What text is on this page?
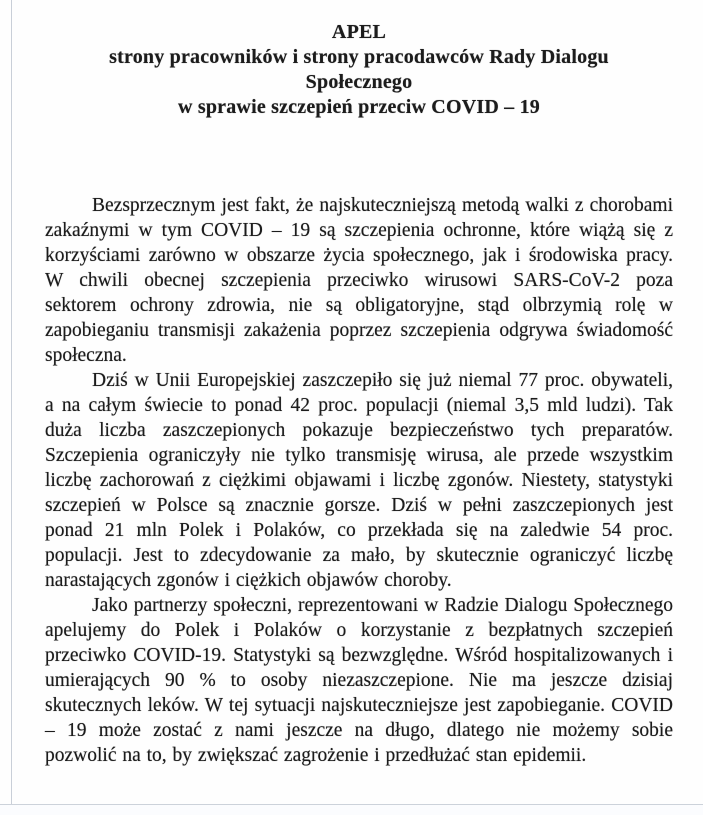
APEL
strony pracowników i strony pracodawców Rady Dialogu
Społecznego
w sprawie szczepień przeciw COVID – 19

Bezsprzecznym jest fakt, że najskuteczniejszą metodą walki z chorobami zakaźnymi w tym COVID – 19 są szczepienia ochronne, które wiążą się z korzyściami zarówno w obszarze życia społecznego, jak i środowiska pracy. W chwili obecnej szczepienia przeciwko wirusowi SARS-CoV-2 poza sektorem ochrony zdrowia, nie są obligatoryjne, stąd olbrzymią rolę w zapobieganiu transmisji zakażenia poprzez szczepienia odgrywa świadomość społeczna.

Dziś w Unii Europejskiej zaszczepiło się już niemal 77 proc. obywateli, a na całym świecie to ponad 42 proc. populacji (niemal 3,5 mld ludzi). Tak duża liczba zaszczepionych pokazuje bezpieczeństwo tych preparatów. Szczepienia ograniczyły nie tylko transmisję wirusa, ale przede wszystkim liczbę zachorowań z ciężkimi objawami i liczbę zgonów. Niestety, statystyki szczepień w Polsce są znacznie gorsze. Dziś w pełni zaszczepionych jest ponad 21 mln Polek i Polaków, co przekłada się na zaledwie 54 proc. populacji. Jest to zdecydowanie za mało, by skutecznie ograniczyć liczbę narastających zgonów i ciężkich objawów choroby.

Jako partnerzy społeczni, reprezentowani w Radzie Dialogu Społecznego apelujemy do Polek i Polaków o korzystanie z bezpłatnych szczepień przeciwko COVID-19. Statystyki są bezwzględne. Wśród hospitalizowanych i umierających 90 % to osoby niezaszczepione. Nie ma jeszcze dzisiaj skutecznych leków. W tej sytuacji najskuteczniejsze jest zapobieganie. COVID – 19 może zostać z nami jeszcze na długo, dlatego nie możemy sobie pozwolić na to, by zwiększać zagrożenie i przedłużać stan epidemii.
